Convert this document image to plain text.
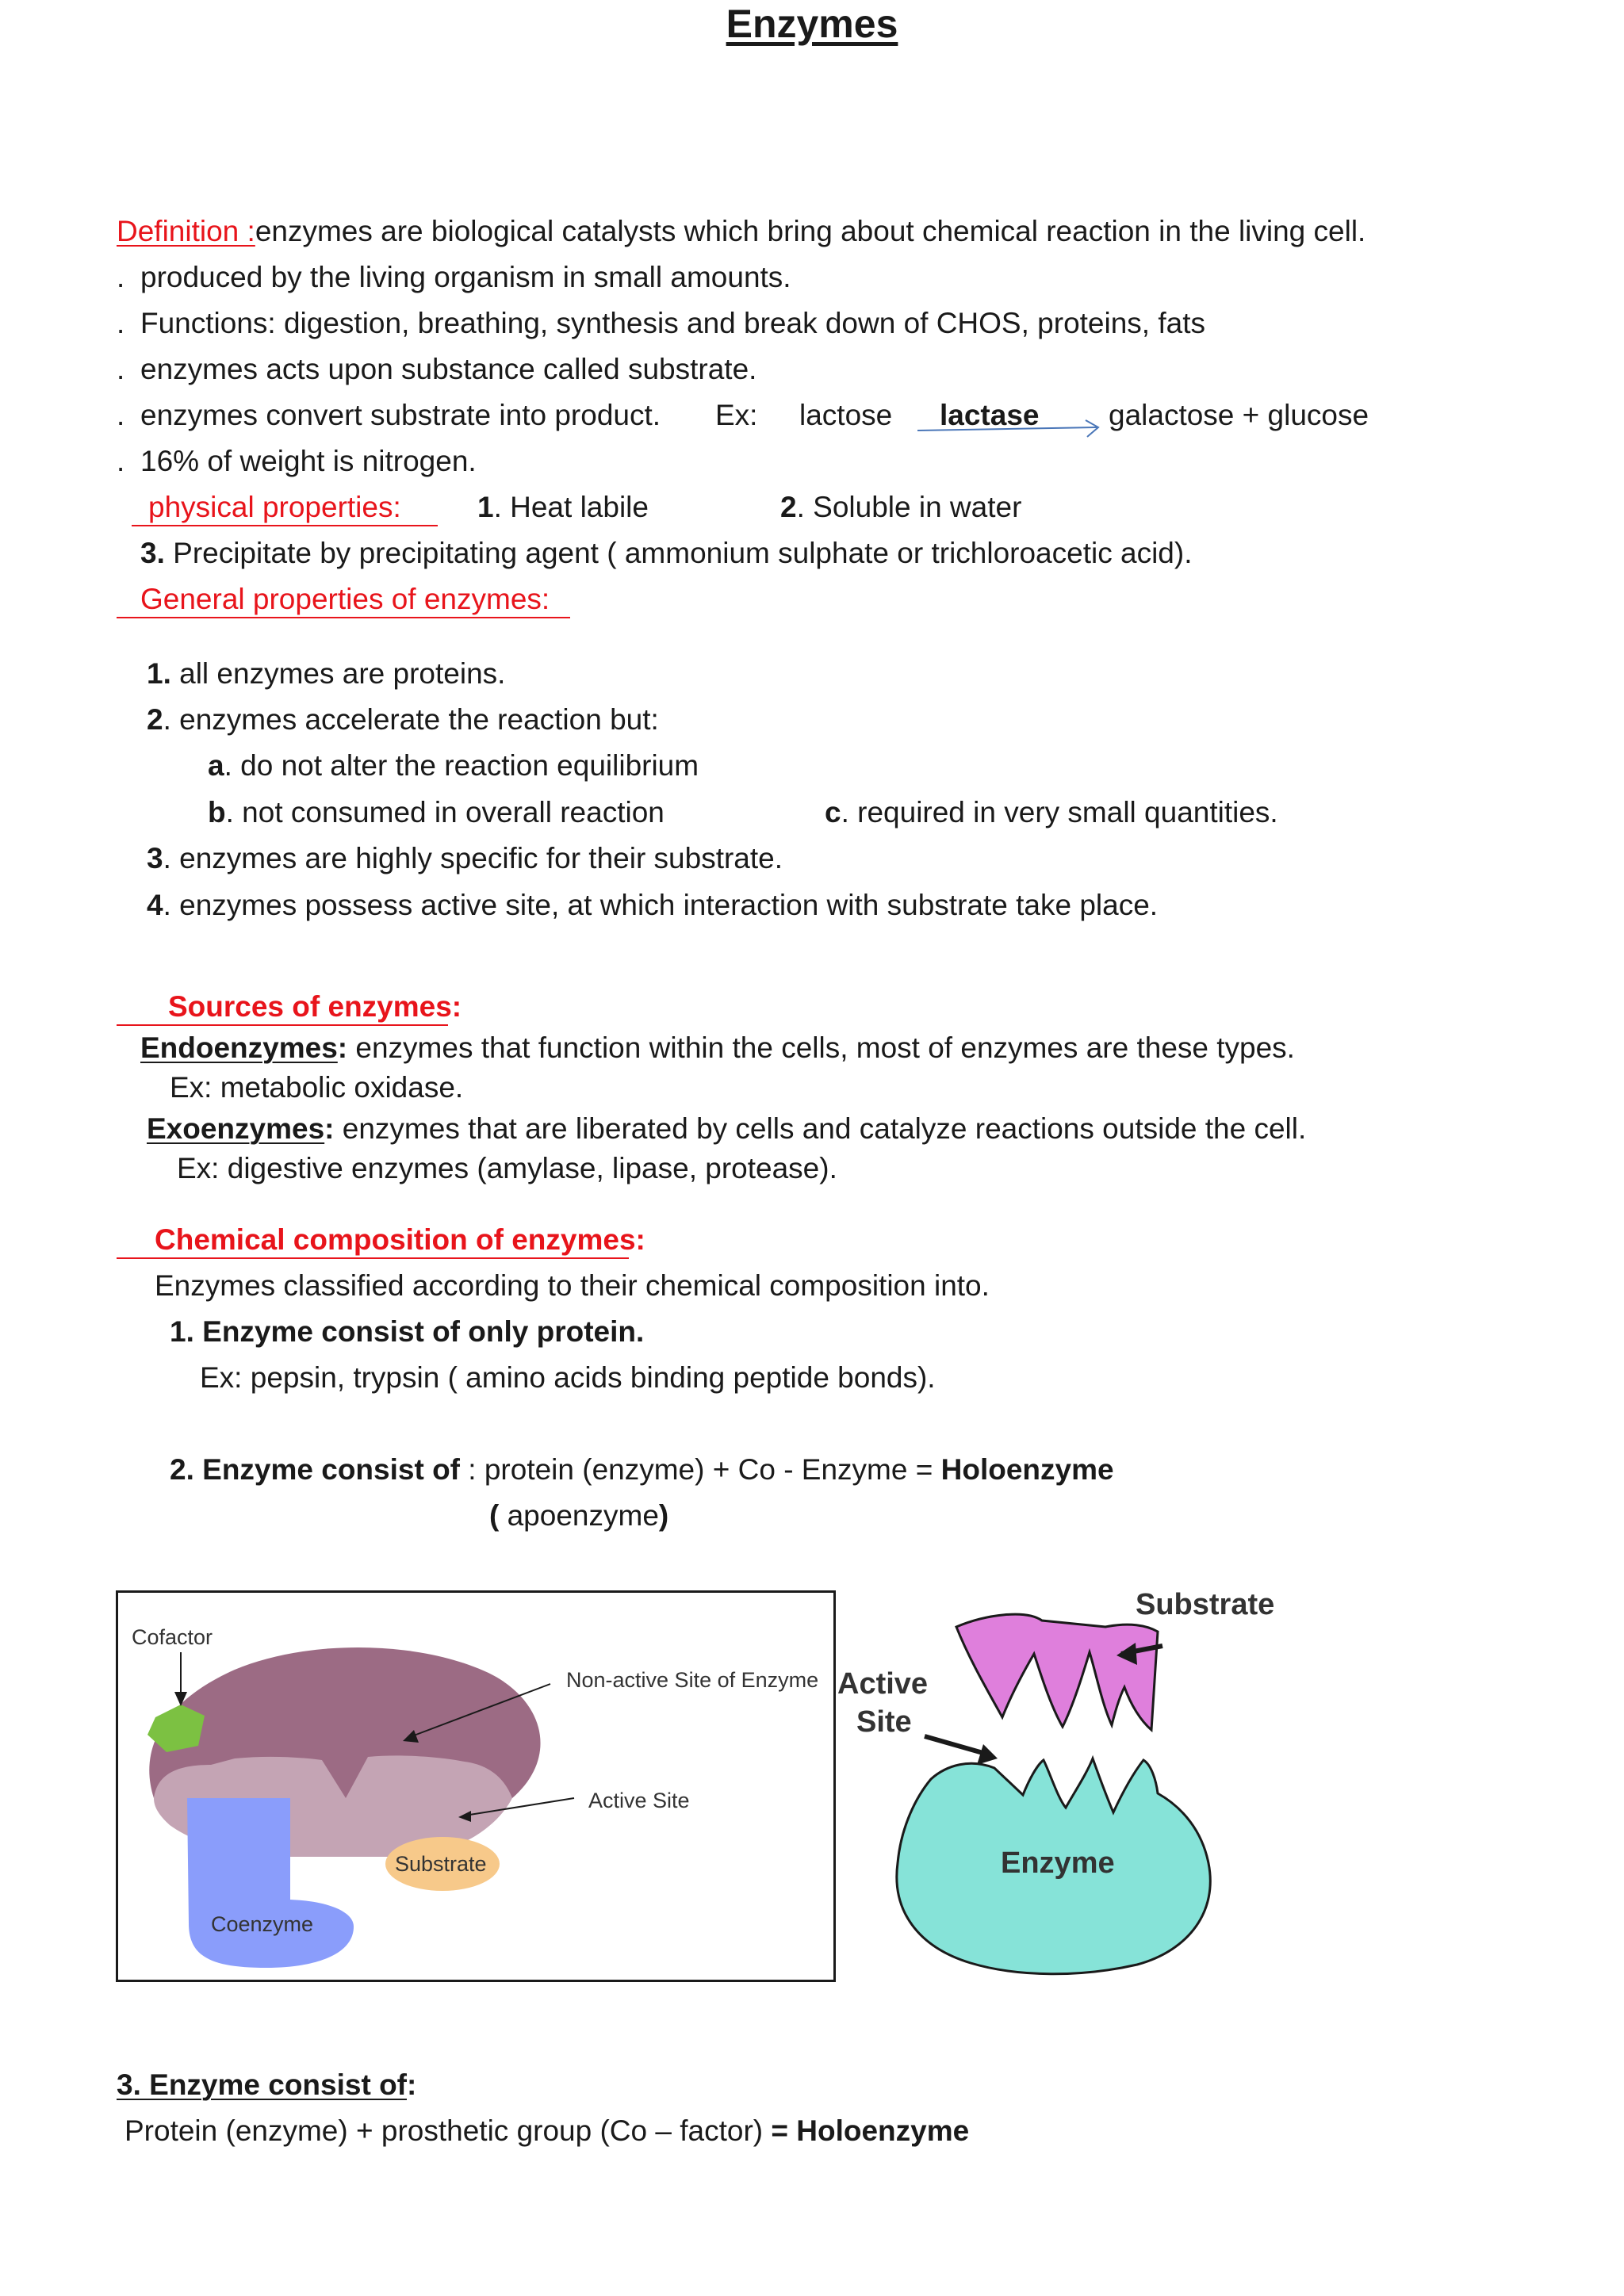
Enzymes
Definition :enzymes are biological catalysts which bring about chemical reaction in the living cell.
. produced by the living organism in small amounts.
. Functions: digestion, breathing, synthesis and break down of CHOS, proteins, fats
. enzymes acts upon substance called substrate.
. enzymes convert substrate into product. Ex: lactose lactase galactose + glucose
. 16% of weight is nitrogen.
physical properties:	1. Heat labile	2. Soluble in water
3. Precipitate by precipitating agent ( ammonium sulphate or trichloroacetic acid).
General properties of enzymes:
1. all enzymes are proteins.
2. enzymes accelerate the reaction but:
a. do not alter the reaction equilibrium
b. not consumed in overall reaction	c. required in very small quantities.
3. enzymes are highly specific for their substrate.
4. enzymes possess active site, at which interaction with substrate take place.
Sources of enzymes:
Endoenzymes: enzymes that function within the cells, most of enzymes are these types.
Ex: metabolic oxidase.
Exoenzymes: enzymes that are liberated by cells and catalyze reactions outside the cell.
Ex: digestive enzymes (amylase, lipase, protease).
Chemical composition of enzymes:
Enzymes classified according to their chemical composition into.
1. Enzyme consist of only protein.
Ex: pepsin, trypsin ( amino acids binding peptide bonds).
2. Enzyme consist of : protein (enzyme) + Co - Enzyme = Holoenzyme
( apoenzyme)
Cofactor
Non-active Site of Enzyme
Active Site
Substrate
Coenzyme
Substrate
Active
Site
Enzyme
3. Enzyme consist of:
Protein (enzyme) + prosthetic group (Co – factor) = Holoenzyme
